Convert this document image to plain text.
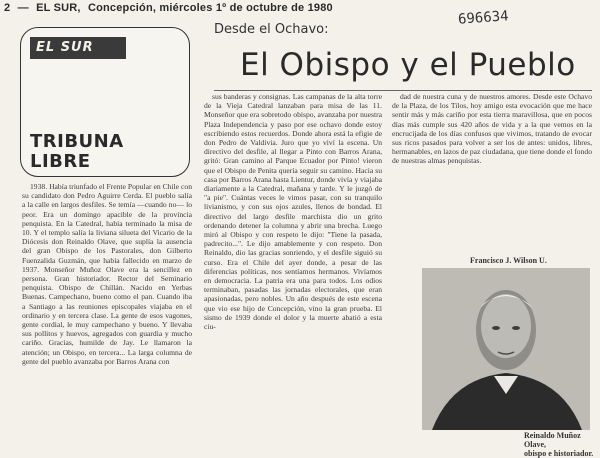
2 — EL SUR, Concepción, miércoles 1º de octubre de 1980
696634
EL SUR
TRIBUNA
LIBRE
Desde el Ochavo:
El Obispo y el Pueblo

1938. Había triunfado el Frente Popular en Chile con su candidato don Pedro Aguirre Cerda. El pueblo salía a la calle en largos desfiles. Se temía —cuando no— lo peor. Era un domingo apacible de la provincia penquista. En la Catedral, había terminado la misa de 10. Y el templo salía la liviana silueta del Vicario de la Diócesis don Reinaldo Olave, que suplía la ausencia del gran Obispo de los Pastorales, don Gilberto Fuenzalida Guzmán, que había fallecido en marzo de 1937. Monseñor Muñoz Olave era la sencillez en persona. Gran historiador. Rector del Seminario penquista. Obispo de Chillán. Nacido en Yerbas Buenas. Campechano, bueno como el pan. Cuando iba a Santiago a las reuniones episcopales viajaba en el ordinario y en tercera clase. La gente de esos vagones, gente cordial, le muy campechano y bueno. Y llevaba sus pollitos y huevos, agregados con guardia y mucho cariño. Gracias, humilde de Jay. Le llamaron la atención; un Obispo, en tercera... La larga columna de gente del pueblo avanzaba por Barros Arana con

sus banderas y consignas. Las campanas de la alta torre de la Vieja Catedral lanzaban para misa de las 11. Monseñor que era sobretodo obispo, avanzaba por nuestra Plaza Independencia y paso por ese ochavo donde estoy escribiendo estos recuerdos. Donde ahora está la efigie de don Pedro de Valdivia. Juro que yo viví la escena. Un directivo del desfile, al llegar a Pinto con Barros Arana, gritó: Gran camino al Parque Ecuador por Pinto! vieron que el Obispo de Penita quería seguir su camino. Hacia su casa por Barros Arana hasta Lientur, donde vivía y viajaba diariamente a la Catedral, mañana y tarde. Y le juzgó de "a pie". Cuántas veces le vimos pasar, con su tranquilo livianismo, y con sus ojos azules, llenos de bondad. El directivo del largo desfile marchista dio un grito ordenando detener la columna y abrir una brecha. Luego miró al Obispo y con respeto le dijo: "Tiene la pasada, padrecito...". Le dijo amablemente y con respeto. Don Reinaldo, dio las gracias sonriendo, y el desfile siguió su curso. Era el Chile del ayer donde, a pesar de las diferencias políticas, nos sentíamos hermanos. Vivíamos en democracia. La patria era una para todos. Los odios terminaban, pasadas las jornadas electorales, que eran apasionadas, pero nobles. Un año después de este escena que vio ese hijo de Concepción, vino la gran prueba. El sismo de 1939 donde el dolor y la muerte abatió a esta ciu-

dad de nuestra cuna y de nuestros amores. Desde este Ochavo de la Plaza, de los Tilos, hoy amigo esta evocación que me hace sentir más y más cariño por esta tierra maravillosa, que en pocos días más cumple sus 420 años de vida y a la que vemos en la encrucijada de los días confusos que vivimos, tratando de evocar sus ricos pasados para volver a ser los de antes: unidos, libres, hermanables, en lazos de paz ciudadana, que tiene donde el fondo de nuestras almas penquistas.

Francisco J. Wilson U.
Reinaldo Muñoz Olave,
obispo e historiador.
